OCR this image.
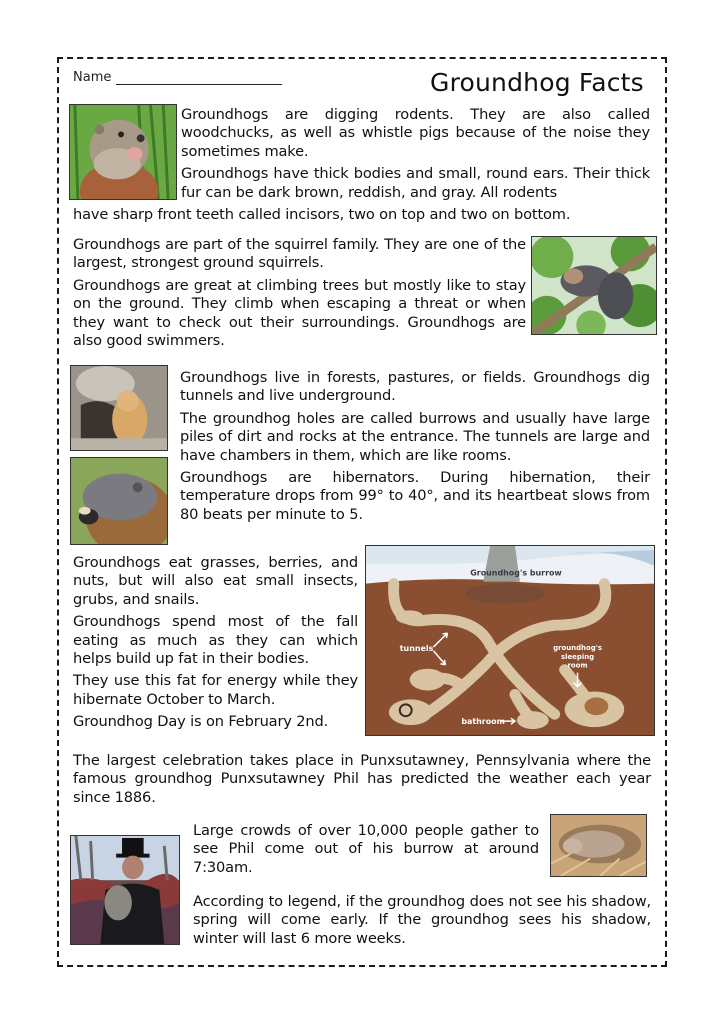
Name	Groundhog Facts

Groundhogs are digging rodents. They are also called woodchucks, as well as whistle pigs because of the noise they sometimes make.

Groundhogs have thick bodies and small, round ears. Their thick fur can be dark brown, reddish, and gray. All rodents

have sharp front teeth called incisors, two on top and two on bottom.

Groundhogs are part of the squirrel family. They are one of the largest, strongest ground squirrels.

Groundhogs are great at climbing trees but mostly like to stay on the ground. They climb when escaping a threat or when they want to check out their surroundings. Groundhogs are also good swimmers.

Groundhogs live in forests, pastures, or fields. Groundhogs dig tunnels and live underground.

The groundhog holes are called burrows and usually have large piles of dirt and rocks at the entrance. The tunnels are large and have chambers in them, which are like rooms.

Groundhogs are hibernators. During hibernation, their temperature drops from 99° to 40°, and its heartbeat slows from 80 beats per minute to 5.

Groundhogs eat grasses, berries, and nuts, but will also eat small insects, grubs, and snails.

Groundhogs spend most of the fall eating as much as they can which helps build up fat in their bodies.

They use this fat for energy while they hibernate October to March.

Groundhog Day is on February 2nd.

Groundhog's burrow
tunnels	groundhog's
sleeping
room
bathroom

The largest celebration takes place in Punxsutawney, Pennsylvania where the famous groundhog Punxsutawney Phil has predicted the weather each year since 1886.

Large crowds of over 10,000 people gather to see Phil come out of his burrow at around 7:30am.

According to legend, if the groundhog does not see his shadow, spring will come early. If the groundhog sees his shadow, winter will last 6 more weeks.
